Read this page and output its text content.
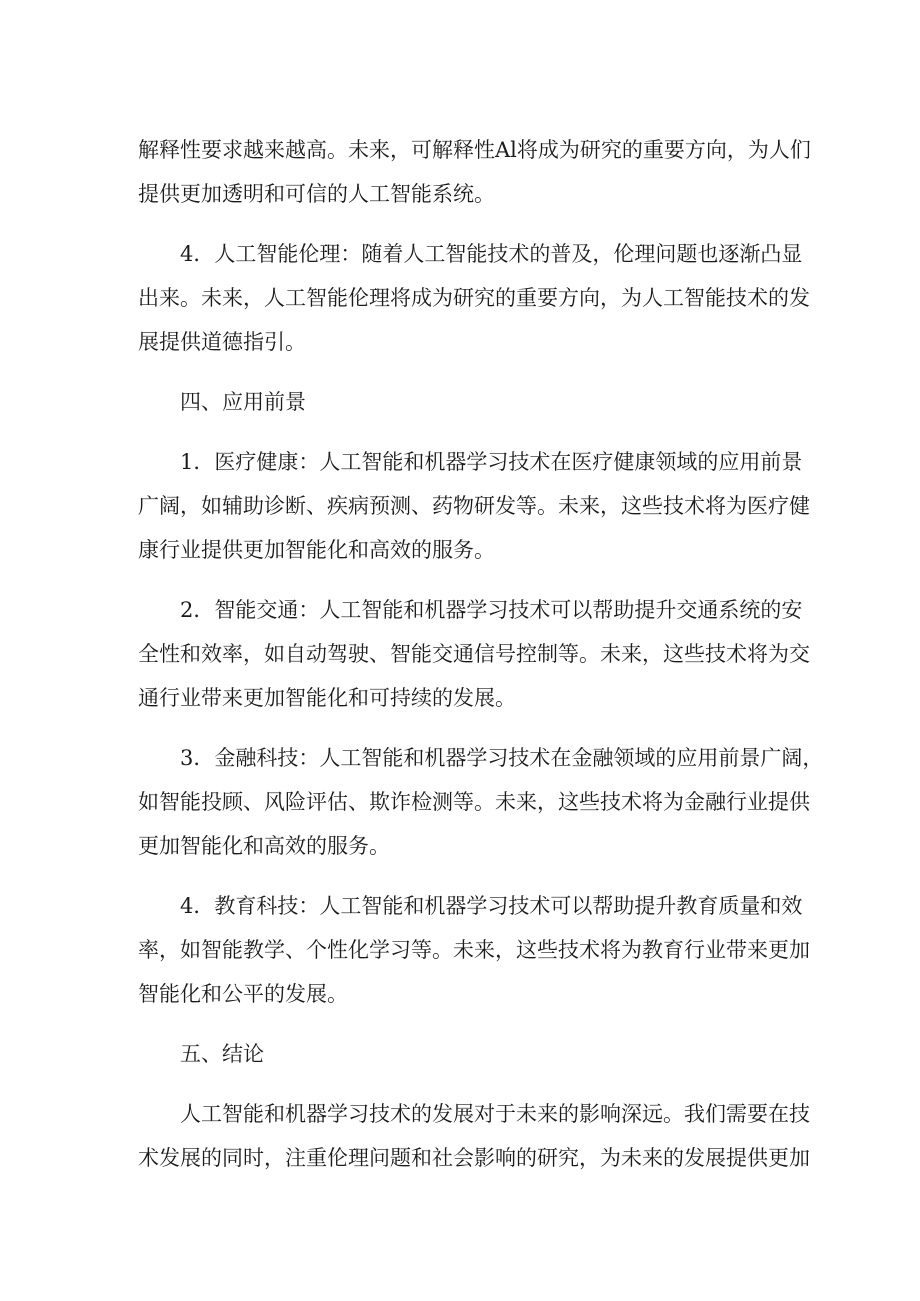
解释性要求越来越高。未来，可解释性Al将成为研究的重要方向，为人们
提供更加透明和可信的人工智能系统。
4．人工智能伦理：随着人工智能技术的普及，伦理问题也逐渐凸显
出来。未来，人工智能伦理将成为研究的重要方向，为人工智能技术的发
展提供道德指引。
四、应用前景
1．医疗健康：人工智能和机器学习技术在医疗健康领域的应用前景
广阔，如辅助诊断、疾病预测、药物研发等。未来，这些技术将为医疗健
康行业提供更加智能化和高效的服务。
2．智能交通：人工智能和机器学习技术可以帮助提升交通系统的安
全性和效率，如自动驾驶、智能交通信号控制等。未来，这些技术将为交
通行业带来更加智能化和可持续的发展。
3．金融科技：人工智能和机器学习技术在金融领域的应用前景广阔，
如智能投顾、风险评估、欺诈检测等。未来，这些技术将为金融行业提供
更加智能化和高效的服务。
4．教育科技：人工智能和机器学习技术可以帮助提升教育质量和效
率，如智能教学、个性化学习等。未来，这些技术将为教育行业带来更加
智能化和公平的发展。
五、结论
人工智能和机器学习技术的发展对于未来的影响深远。我们需要在技
术发展的同时，注重伦理问题和社会影响的研究，为未来的发展提供更加
